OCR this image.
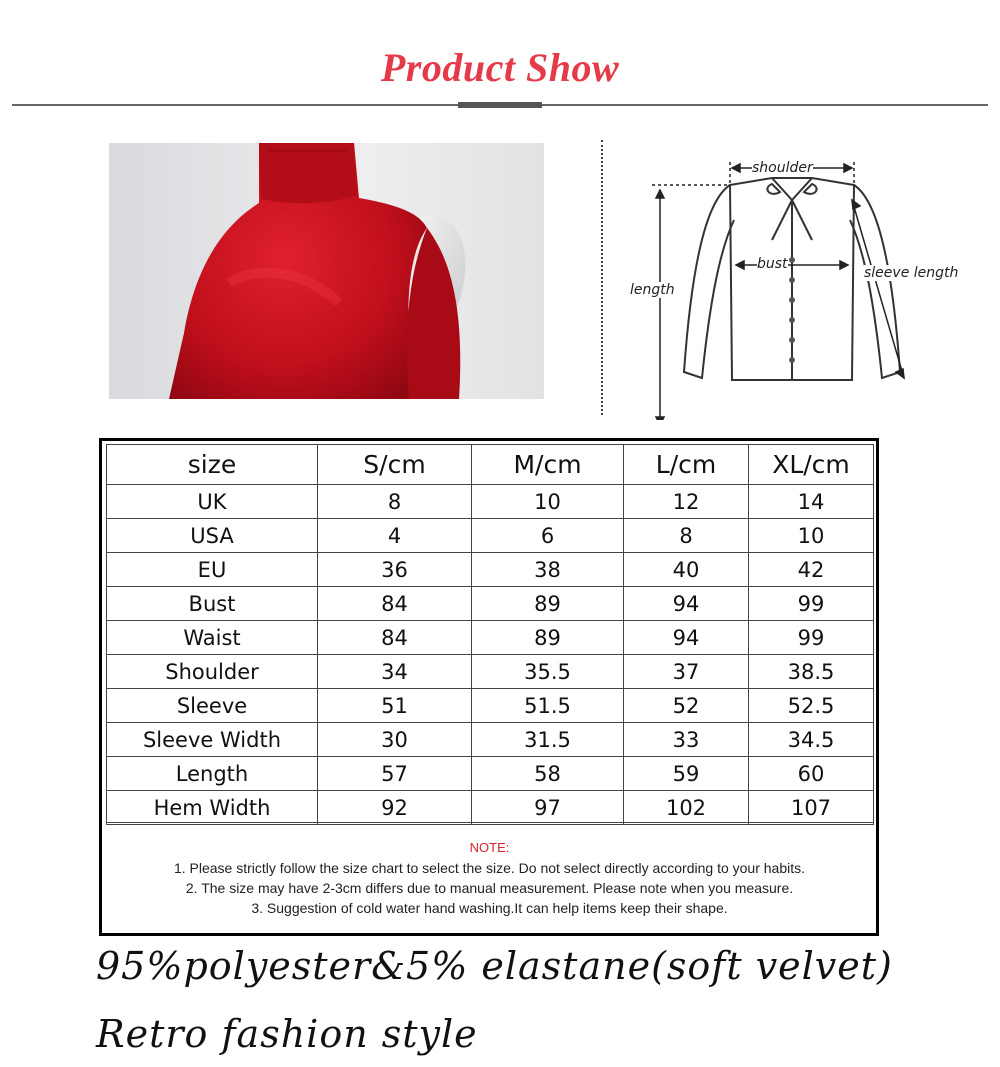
Product Show
shoulder
bust
length
sleeve length
size	S/cm	M/cm	L/cm	XL/cm
UK	8	10	12	14
USA	4	6	8	10
EU	36	38	40	42
Bust	84	89	94	99
Waist	84	89	94	99
Shoulder	34	35.5	37	38.5
Sleeve	51	51.5	52	52.5
Sleeve Width	30	31.5	33	34.5
Length	57	58	59	60
Hem Width	92	97	102	107
NOTE:
1. Please strictly follow the size chart to select the size. Do not select directly according to your habits.
2. The size may have 2-3cm differs due to manual measurement. Please note when you measure.
3. Suggestion of cold water hand washing.It can help items keep their shape.
95%polyester&5% elastane(soft velvet)
Retro fashion style
